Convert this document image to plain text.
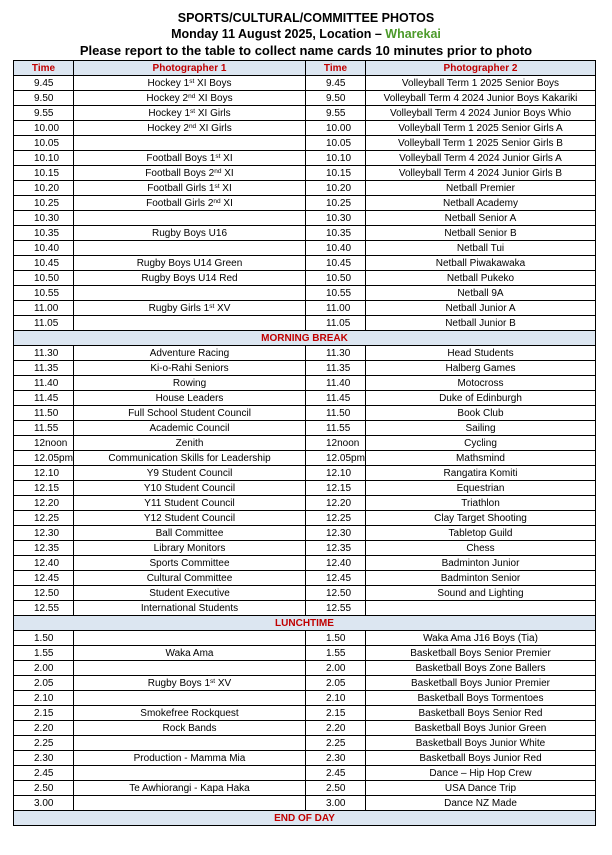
SPORTS/CULTURAL/COMMITTEE PHOTOS
Monday 11 August 2025, Location – Wharekai
Please report to the table to collect name cards 10 minutes prior to photo
Time	Photographer 1	Time	Photographer 2
9.45	Hockey 1st XI Boys	9.45	Volleyball Term 1 2025 Senior Boys
9.50	Hockey 2nd XI Boys	9.50	Volleyball Term 4 2024 Junior Boys Kakariki
9.55	Hockey 1st XI Girls	9.55	Volleyball Term 4 2024 Junior Boys Whio
10.00	Hockey 2nd XI Girls	10.00	Volleyball Term 1 2025 Senior Girls A
10.05		10.05	Volleyball Term 1 2025 Senior Girls B
10.10	Football Boys 1st XI	10.10	Volleyball Term 4 2024 Junior Girls A
10.15	Football Boys 2nd XI	10.15	Volleyball Term 4 2024 Junior Girls B
10.20	Football Girls 1st XI	10.20	Netball Premier
10.25	Football Girls 2nd XI	10.25	Netball Academy
10.30		10.30	Netball Senior A
10.35	Rugby Boys U16	10.35	Netball Senior B
10.40		10.40	Netball Tui
10.45	Rugby Boys U14 Green	10.45	Netball Piwakawaka
10.50	Rugby Boys U14 Red	10.50	Netball Pukeko
10.55		10.55	Netball 9A
11.00	Rugby Girls 1st XV	11.00	Netball Junior A
11.05		11.05	Netball Junior B
MORNING BREAK			
11.30	Adventure Racing	11.30	Head Students
11.35	Ki-o-Rahi Seniors	11.35	Halberg Games
11.40	Rowing	11.40	Motocross
11.45	House Leaders	11.45	Duke of Edinburgh
11.50	Full School Student Council	11.50	Book Club
11.55	Academic Council	11.55	Sailing
12noon	Zenith	12noon	Cycling
12.05pm	Communication Skills for Leadership	12.05pm	Mathsmind
12.10	Y9 Student Council	12.10	Rangatira Komiti
12.15	Y10 Student Council	12.15	Equestrian
12.20	Y11 Student Council	12.20	Triathlon
12.25	Y12 Student Council	12.25	Clay Target Shooting
12.30	Ball Committee	12.30	Tabletop Guild
12.35	Library Monitors	12.35	Chess
12.40	Sports Committee	12.40	Badminton Junior
12.45	Cultural Committee	12.45	Badminton Senior
12.50	Student Executive	12.50	Sound and Lighting
12.55	International Students	12.55	
LUNCHTIME			
1.50		1.50	Waka Ama J16 Boys (Tia)
1.55	Waka Ama	1.55	Basketball Boys Senior Premier
2.00		2.00	Basketball Boys Zone Ballers
2.05	Rugby Boys 1st XV	2.05	Basketball Boys Junior Premier
2.10		2.10	Basketball Boys Tormentoes
2.15	Smokefree Rockquest	2.15	Basketball Boys Senior Red
2.20	Rock Bands	2.20	Basketball Boys Junior Green
2.25		2.25	Basketball Boys Junior White
2.30	Production - Mamma Mia	2.30	Basketball Boys Junior Red
2.45		2.45	Dance – Hip Hop Crew
2.50	Te Awhiorangi - Kapa Haka	2.50	USA Dance Trip
3.00		3.00	Dance NZ Made
END OF DAY			
